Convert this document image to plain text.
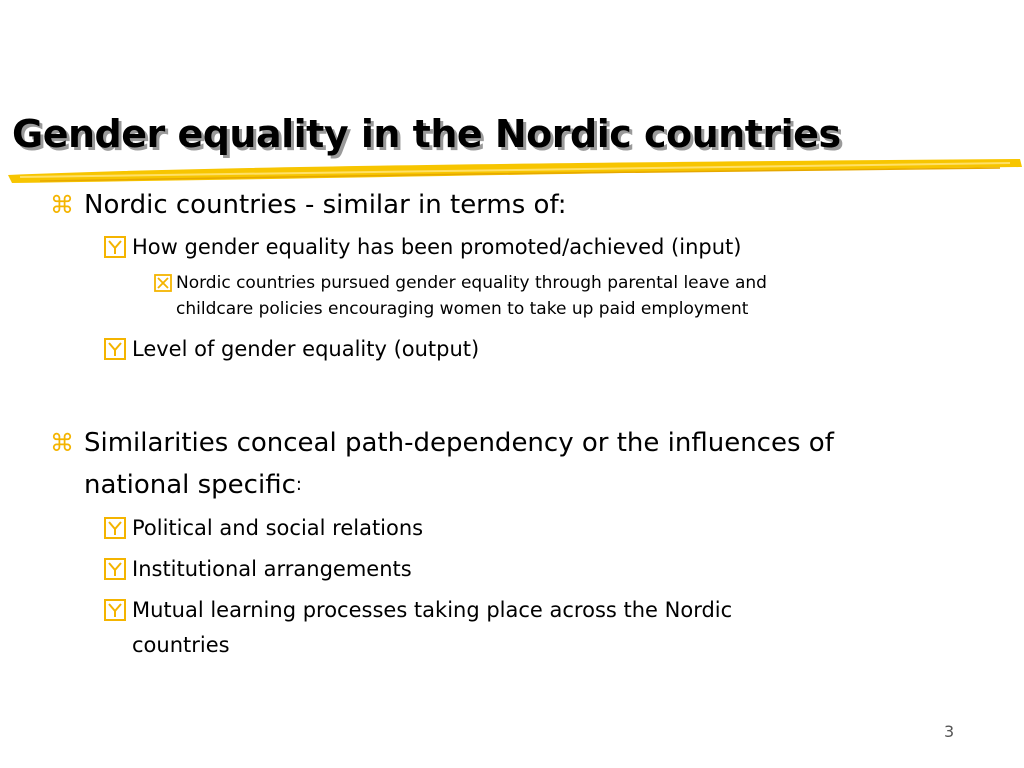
Gender equality in the Nordic countries
⌘ Nordic countries - similar in terms of:
How gender equality has been promoted/achieved (input)
Nordic countries pursued gender equality through parental leave and
childcare policies encouraging women to take up paid employment
Level of gender equality (output)
⌘ Similarities conceal path-dependency or the influences of
national specific :
Political and social relations
Institutional arrangements
Mutual learning processes taking place across the Nordic
countries
3
